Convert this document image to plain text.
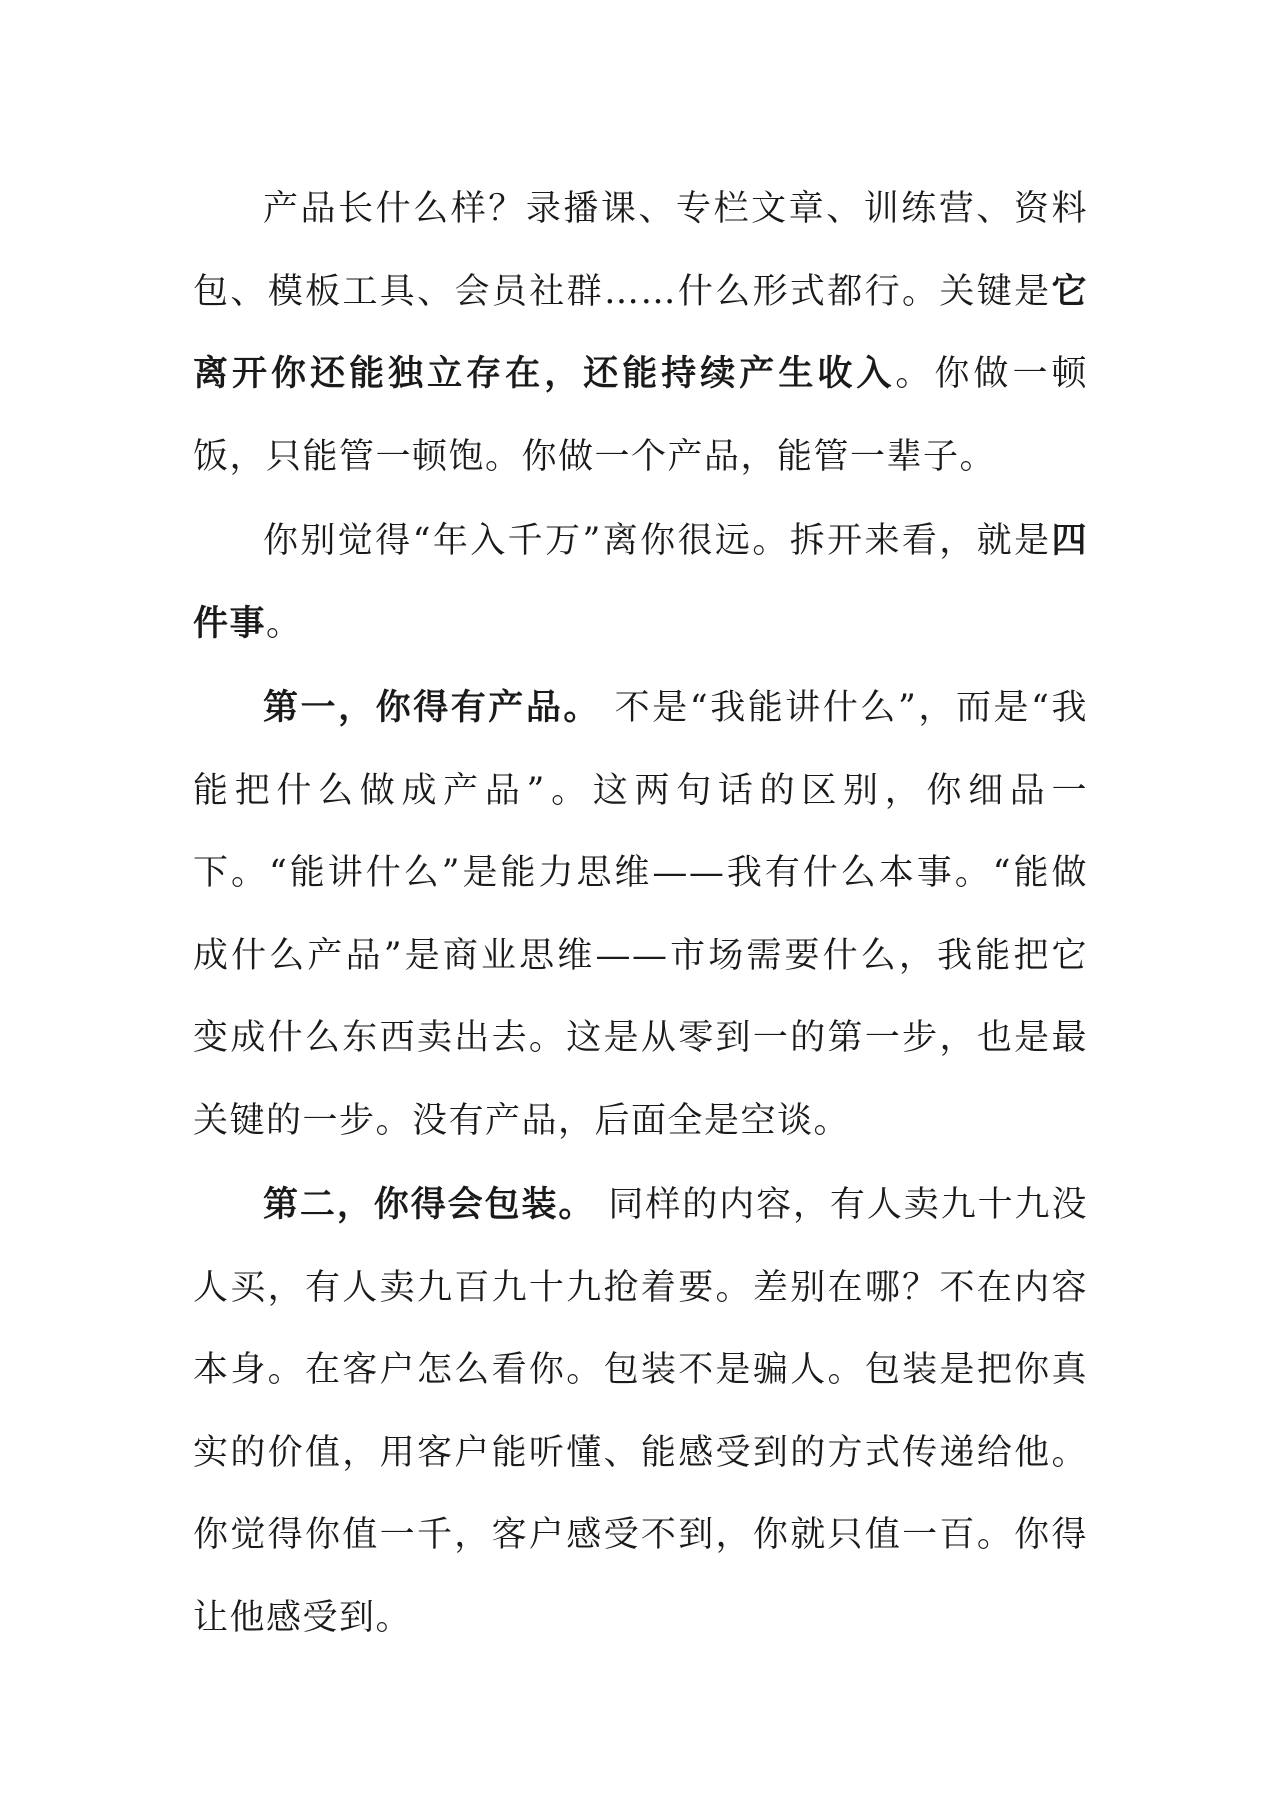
产品长什么样？录播课、专栏文章、训练营、资料包、模板工具、会员社群……什么形式都行。关键是它离开你还能独立存在，还能持续产生收入。你做一顿饭，只能管一顿饱。你做一个产品，能管一辈子。

你别觉得“年入千万”离你很远。拆开来看，就是四件事。

第一，你得有产品。 不是“我能讲什么”，而是“我能把什么做成产品”。这两句话的区别，你细品一下。“能讲什么”是能力思维——我有什么本事。“能做成什么产品”是商业思维——市场需要什么，我能把它变成什么东西卖出去。这是从零到一的第一步，也是最关键的一步。没有产品，后面全是空谈。

第二，你得会包装。 同样的内容，有人卖九十九没人买，有人卖九百九十九抢着要。差别在哪？不在内容本身。在客户怎么看你。包装不是骗人。包装是把你真实的价值，用客户能听懂、能感受到的方式传递给他。你觉得你值一千，客户感受不到，你就只值一百。你得让他感受到。
